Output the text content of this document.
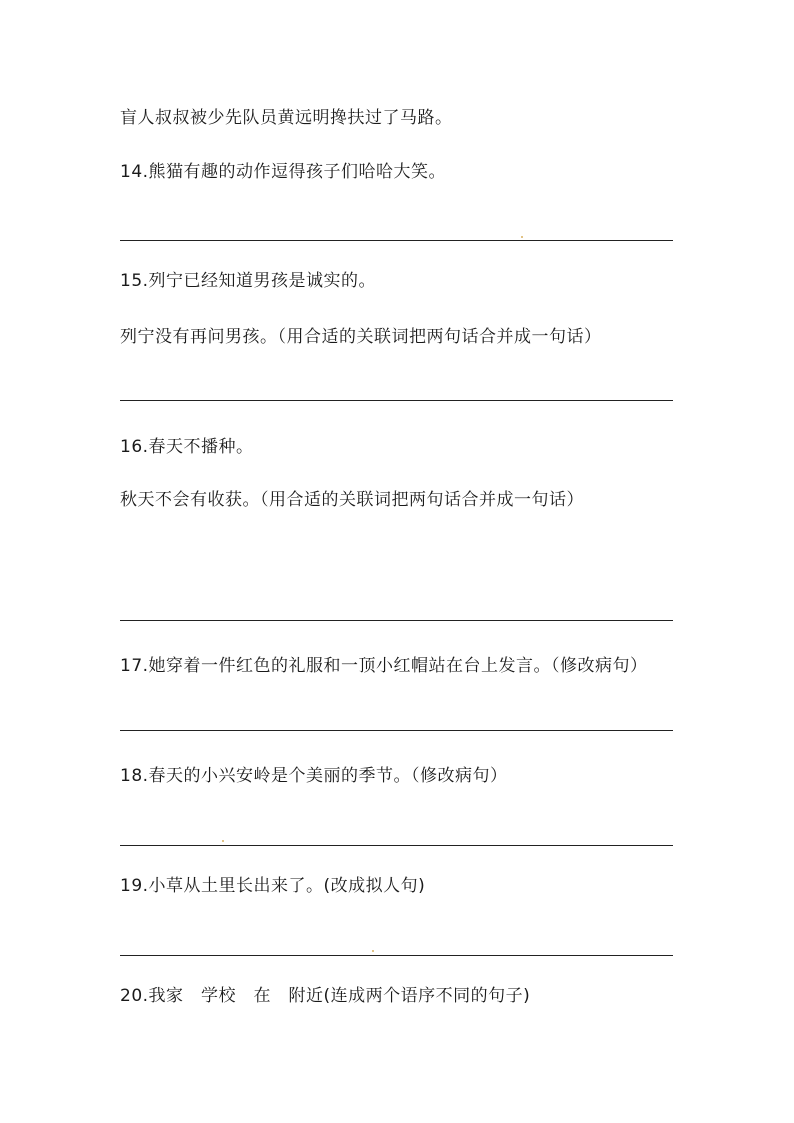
盲人叔叔被少先队员黄远明搀扶过了马路。
14.熊猫有趣的动作逗得孩子们哈哈大笑。
15.列宁已经知道男孩是诚实的。
列宁没有再问男孩。（用合适的关联词把两句话合并成一句话）
16.春天不播种。
秋天不会有收获。（用合适的关联词把两句话合并成一句话）
17.她穿着一件红色的礼服和一顶小红帽站在台上发言。（修改病句）
18.春天的小兴安岭是个美丽的季节。（修改病句）
19.小草从土里长出来了。(改成拟人句)
20.我家　学校　在　附近(连成两个语序不同的句子)
